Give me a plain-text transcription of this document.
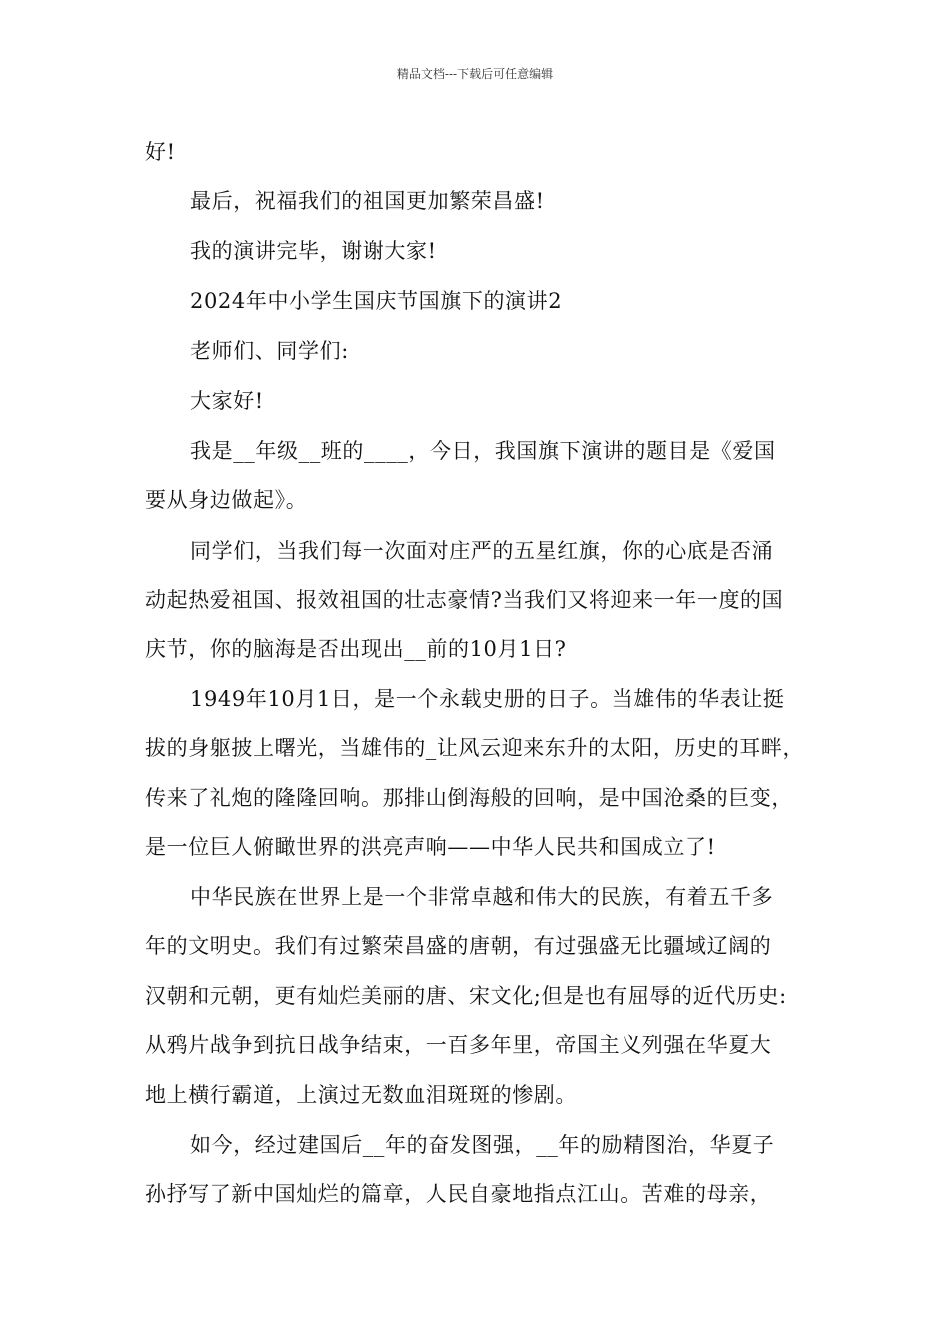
精品文档---下载后可任意编辑
好!
最后，祝福我们的祖国更加繁荣昌盛!
我的演讲完毕，谢谢大家!
2024年中小学生国庆节国旗下的演讲2
老师们、同学们:
大家好!
我是__年级__班的____，今日，我国旗下演讲的题目是《爱国
要从身边做起》。
同学们，当我们每一次面对庄严的五星红旗，你的心底是否涌
动起热爱祖国、报效祖国的壮志豪情?当我们又将迎来一年一度的国
庆节，你的脑海是否出现出__前的10月1日?
1949年10月1日，是一个永载史册的日子。当雄伟的华表让挺
拔的身躯披上曙光，当雄伟的_让风云迎来东升的太阳，历史的耳畔，
传来了礼炮的隆隆回响。那排山倒海般的回响，是中国沧桑的巨变，
是一位巨人俯瞰世界的洪亮声响——中华人民共和国成立了!
中华民族在世界上是一个非常卓越和伟大的民族，有着五千多
年的文明史。我们有过繁荣昌盛的唐朝，有过强盛无比疆域辽阔的
汉朝和元朝，更有灿烂美丽的唐、宋文化;但是也有屈辱的近代历史:
从鸦片战争到抗日战争结束，一百多年里，帝国主义列强在华夏大
地上横行霸道，上演过无数血泪斑斑的惨剧。
如今，经过建国后__年的奋发图强，__年的励精图治，华夏子
孙抒写了新中国灿烂的篇章，人民自豪地指点江山。苦难的母亲，
